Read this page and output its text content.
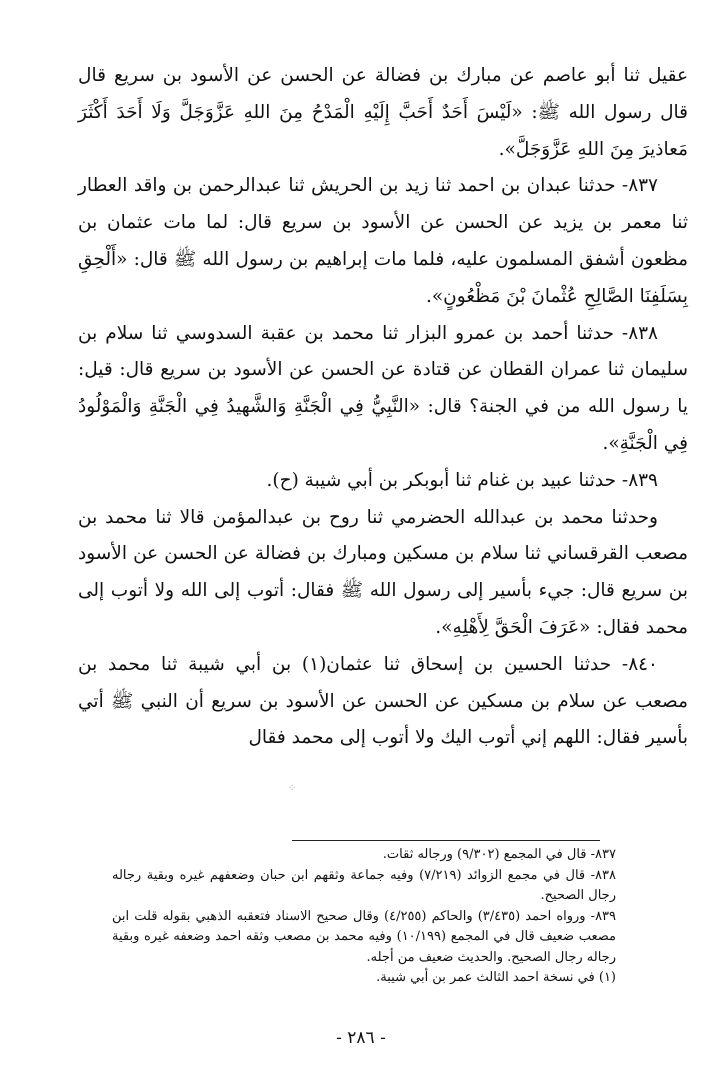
عقيل ثنا أبو عاصم عن مبارك بن فضالة عن الحسن عن الأسود بن سريع قال قال رسول الله ﷺ: «لَيْسَ أَحَدٌ أَحَبَّ إِلَيْهِ الْمَدْحُ مِنَ اللهِ عَزَّوَجَلَّ وَلَا أَحَدَ أَكْثَرَ مَعاذيرَ مِنَ اللهِ عَزَّوَجَلَّ».

٨٣٧- حدثنا عبدان بن احمد ثنا زيد بن الحريش ثنا عبدالرحمن بن واقد العطار ثنا معمر بن يزيد عن الحسن عن الأسود بن سريع قال: لما مات عثمان بن مظعون أشفق المسلمون عليه، فلما مات إبراهيم بن رسول الله ﷺ قال: «أَلْحِقِ بِسَلَفِنَا الصَّالِحِ عُثْمانَ بْنَ مَظْعُونٍ».

٨٣٨- حدثنا أحمد بن عمرو البزار ثنا محمد بن عقبة السدوسي ثنا سلام بن سليمان ثنا عمران القطان عن قتادة عن الحسن عن الأسود بن سريع قال: قيل: يا رسول الله من في الجنة؟ قال: «النَّبِيُّ فِي الْجَنَّةِ وَالشَّهيدُ فِي الْجَنَّةِ وَالْمَوْلُودُ فِي الْجَنَّةِ».

٨٣٩- حدثنا عبيد بن غنام ثنا أبوبكر بن أبي شيبة (ح).

وحدثنا محمد بن عبدالله الحضرمي ثنا روح بن عبدالمؤمن قالا ثنا محمد بن مصعب القرقساني ثنا سلام بن مسكين ومبارك بن فضالة عن الحسن عن الأسود بن سريع قال: جيء بأسير إلى رسول الله ﷺ فقال: أتوب إلى الله ولا أتوب إلى محمد فقال: «عَرَفَ الْحَقَّ لِأَهْلِهِ».

٨٤٠- حدثنا الحسين بن إسحاق ثنا عثمان(١) بن أبي شيبة ثنا محمد بن مصعب عن سلام بن مسكين عن الحسن عن الأسود بن سريع أن النبي ﷺ أتي بأسير فقال: اللهم إني أتوب اليك ولا أتوب إلى محمد فقال

⁘

٨٣٧- قال في المجمع (٩/٣٠٢) ورجاله ثقات.

٨٣٨- قال في مجمع الزوائد (٧/٢١٩) وفيه جماعة وثقهم ابن حبان وضعفهم غيره وبقية رجاله رجال الصحيح.

٨٣٩- ورواه احمد (٣/٤٣٥) والحاكم (٤/٢٥٥) وقال صحيح الاسناد فتعقبه الذهبي بقوله قلت ابن مصعب ضعيف قال في المجمع (١٠/١٩٩) وفيه محمد بن مصعب وثقه احمد وضعفه غيره وبقية رجاله رجال الصحيح. والحديث ضعيف من أجله.

(١) في نسخة احمد الثالث عمر بن أبي شيبة.

- ٢٨٦ -
